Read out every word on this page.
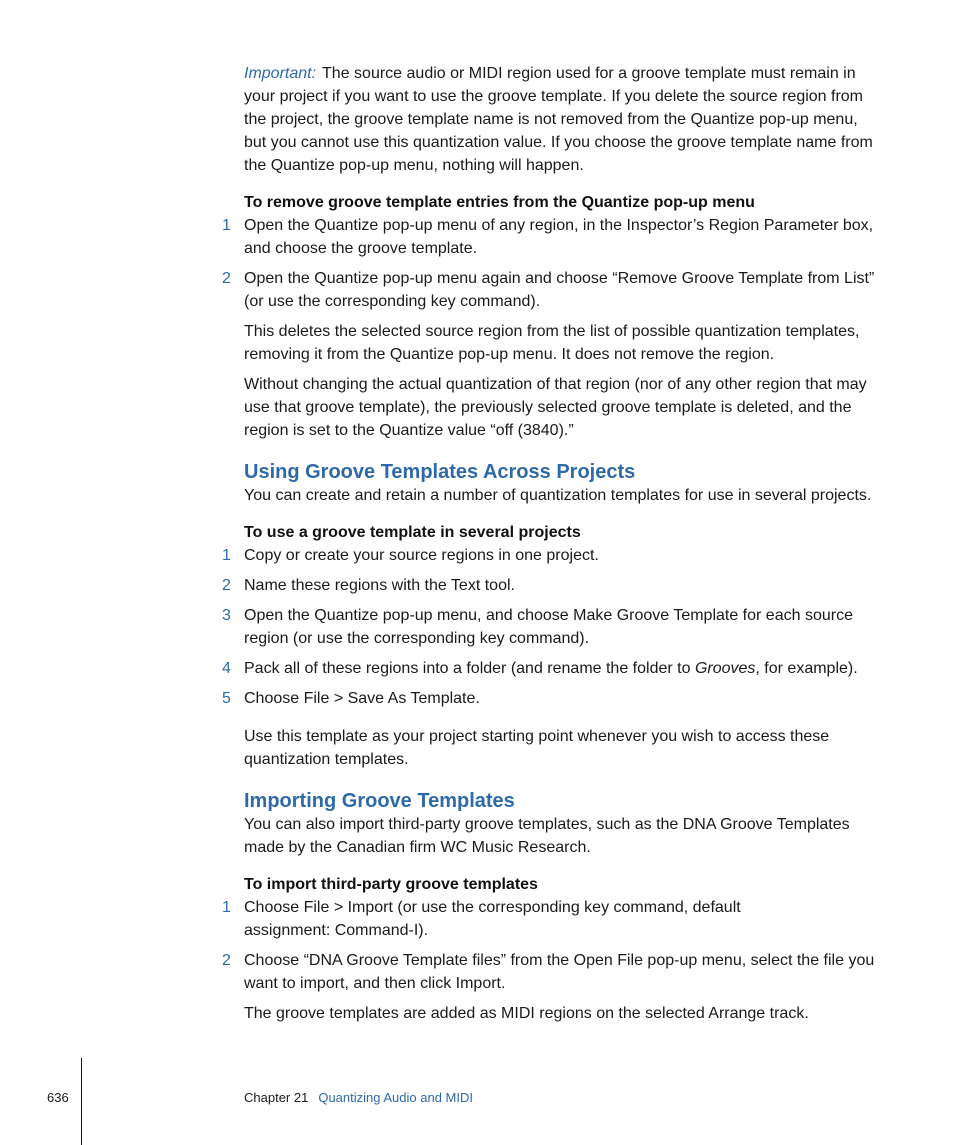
Important: The source audio or MIDI region used for a groove template must remain in your project if you want to use the groove template. If you delete the source region from the project, the groove template name is not removed from the Quantize pop-up menu, but you cannot use this quantization value. If you choose the groove template name from the Quantize pop-up menu, nothing will happen.

To remove groove template entries from the Quantize pop-up menu

1 Open the Quantize pop-up menu of any region, in the Inspector’s Region Parameter box, and choose the groove template.

2 Open the Quantize pop-up menu again and choose “Remove Groove Template from List” (or use the corresponding key command).

This deletes the selected source region from the list of possible quantization templates, removing it from the Quantize pop-up menu. It does not remove the region.

Without changing the actual quantization of that region (nor of any other region that may use that groove template), the previously selected groove template is deleted, and the region is set to the Quantize value “off (3840).”

Using Groove Templates Across Projects

You can create and retain a number of quantization templates for use in several projects.

To use a groove template in several projects

1 Copy or create your source regions in one project.

2 Name these regions with the Text tool.

3 Open the Quantize pop-up menu, and choose Make Groove Template for each source region (or use the corresponding key command).

4 Pack all of these regions into a folder (and rename the folder to Grooves, for example).

5 Choose File > Save As Template.

Use this template as your project starting point whenever you wish to access these quantization templates.

Importing Groove Templates

You can also import third-party groove templates, such as the DNA Groove Templates made by the Canadian firm WC Music Research.

To import third-party groove templates

1 Choose File > Import (or use the corresponding key command, default
assignment: Command-I).

2 Choose “DNA Groove Template files” from the Open File pop-up menu, select the file you want to import, and then click Import.

The groove templates are added as MIDI regions on the selected Arrange track.

636	Chapter 21 Quantizing Audio and MIDI
